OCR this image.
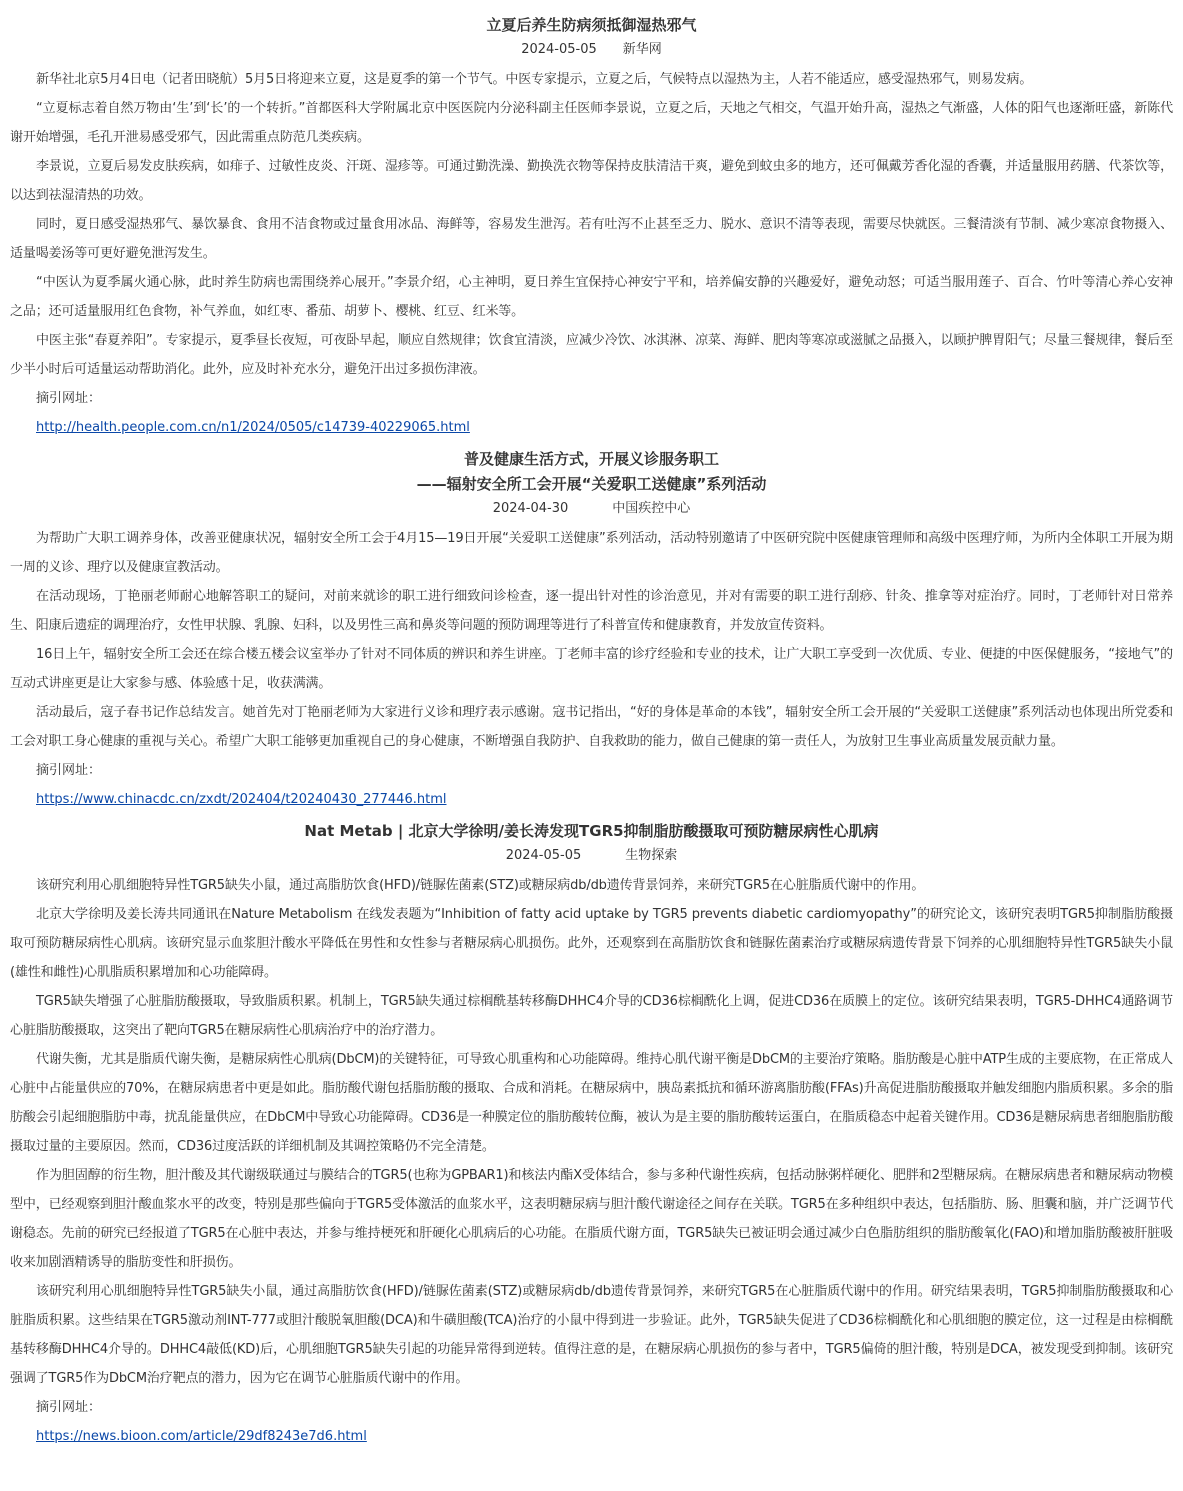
立夏后养生防病须抵御湿热邪气
2024-05-05 新华网

新华社北京5月4日电（记者田晓航）5月5日将迎来立夏，这是夏季的第一个节气。中医专家提示，立夏之后，气候特点以湿热为主，人若不能适应，感受湿热邪气，则易发病。

“立夏标志着自然万物由‘生’到‘长’的一个转折。”首都医科大学附属北京中医医院内分泌科副主任医师李景说，立夏之后，天地之气相交，气温开始升高，湿热之气渐盛，人体的阳气也逐渐旺盛，新陈代谢开始增强，毛孔开泄易感受邪气，因此需重点防范几类疾病。

李景说，立夏后易发皮肤疾病，如痱子、过敏性皮炎、汗斑、湿疹等。可通过勤洗澡、勤换洗衣物等保持皮肤清洁干爽，避免到蚊虫多的地方，还可佩戴芳香化湿的香囊，并适量服用药膳、代茶饮等，以达到祛湿清热的功效。

同时，夏日感受湿热邪气、暴饮暴食、食用不洁食物或过量食用冰品、海鲜等，容易发生泄泻。若有吐泻不止甚至乏力、脱水、意识不清等表现，需要尽快就医。三餐清淡有节制、减少寒凉食物摄入、适量喝姜汤等可更好避免泄泻发生。

“中医认为夏季属火通心脉，此时养生防病也需围绕养心展开。”李景介绍，心主神明，夏日养生宜保持心神安宁平和，培养偏安静的兴趣爱好，避免动怒；可适当服用莲子、百合、竹叶等清心养心安神之品；还可适量服用红色食物，补气养血，如红枣、番茄、胡萝卜、樱桃、红豆、红米等。

中医主张“春夏养阳”。专家提示，夏季昼长夜短，可夜卧早起，顺应自然规律；饮食宜清淡，应减少冷饮、冰淇淋、凉菜、海鲜、肥肉等寒凉或滋腻之品摄入，以顾护脾胃阳气；尽量三餐规律，餐后至少半小时后可适量运动帮助消化。此外，应及时补充水分，避免汗出过多损伤津液。

摘引网址：

http://health.people.com.cn/n1/2024/0505/c14739-40229065.html

普及健康生活方式，开展义诊服务职工
——辐射安全所工会开展“关爱职工送健康”系列活动
2024-04-30	中国疾控中心

为帮助广大职工调养身体，改善亚健康状况，辐射安全所工会于4月15—19日开展“关爱职工送健康”系列活动，活动特别邀请了中医研究院中医健康管理师和高级中医理疗师，为所内全体职工开展为期一周的义诊、理疗以及健康宣教活动。

在活动现场，丁艳丽老师耐心地解答职工的疑问，对前来就诊的职工进行细致问诊检查，逐一提出针对性的诊治意见，并对有需要的职工进行刮痧、针灸、推拿等对症治疗。同时，丁老师针对日常养生、阳康后遗症的调理治疗，女性甲状腺、乳腺、妇科，以及男性三高和鼻炎等问题的预防调理等进行了科普宣传和健康教育，并发放宣传资料。

16日上午，辐射安全所工会还在综合楼五楼会议室举办了针对不同体质的辨识和养生讲座。丁老师丰富的诊疗经验和专业的技术，让广大职工享受到一次优质、专业、便捷的中医保健服务，“接地气”的互动式讲座更是让大家参与感、体验感十足，收获满满。

活动最后，寇子春书记作总结发言。她首先对丁艳丽老师为大家进行义诊和理疗表示感谢。寇书记指出，“好的身体是革命的本钱”，辐射安全所工会开展的“关爱职工送健康”系列活动也体现出所党委和工会对职工身心健康的重视与关心。希望广大职工能够更加重视自己的身心健康，不断增强自我防护、自我救助的能力，做自己健康的第一责任人，为放射卫生事业高质量发展贡献力量。

摘引网址：

https://www.chinacdc.cn/zxdt/202404/t20240430_277446.html

Nat Metab | 北京大学徐明/姜长涛发现TGR5抑制脂肪酸摄取可预防糖尿病性心肌病
2024-05-05	生物探索

该研究利用心肌细胞特异性TGR5缺失小鼠，通过高脂肪饮食(HFD)/链脲佐菌素(STZ)或糖尿病db/db遗传背景饲养，来研究TGR5在心脏脂质代谢中的作用。

北京大学徐明及姜长涛共同通讯在Nature Metabolism 在线发表题为“Inhibition of fatty acid uptake by TGR5 prevents diabetic cardiomyopathy”的研究论文，该研究表明TGR5抑制脂肪酸摄取可预防糖尿病性心肌病。该研究显示血浆胆汁酸水平降低在男性和女性参与者糖尿病心肌损伤。此外，还观察到在高脂肪饮食和链脲佐菌素治疗或糖尿病遗传背景下饲养的心肌细胞特异性TGR5缺失小鼠(雄性和雌性)心肌脂质积累增加和心功能障碍。

TGR5缺失增强了心脏脂肪酸摄取，导致脂质积累。机制上，TGR5缺失通过棕榈酰基转移酶DHHC4介导的CD36棕榈酰化上调，促进CD36在质膜上的定位。该研究结果表明，TGR5-DHHC4通路调节心脏脂肪酸摄取，这突出了靶向TGR5在糖尿病性心肌病治疗中的治疗潜力。

代谢失衡，尤其是脂质代谢失衡，是糖尿病性心肌病(DbCM)的关键特征，可导致心肌重构和心功能障碍。维持心肌代谢平衡是DbCM的主要治疗策略。脂肪酸是心脏中ATP生成的主要底物，在正常成人心脏中占能量供应的70%，在糖尿病患者中更是如此。脂肪酸代谢包括脂肪酸的摄取、合成和消耗。在糖尿病中，胰岛素抵抗和循环游离脂肪酸(FFAs)升高促进脂肪酸摄取并触发细胞内脂质积累。多余的脂肪酸会引起细胞脂肪中毒，扰乱能量供应，在DbCM中导致心功能障碍。CD36是一种膜定位的脂肪酸转位酶，被认为是主要的脂肪酸转运蛋白，在脂质稳态中起着关键作用。CD36是糖尿病患者细胞脂肪酸摄取过量的主要原因。然而，CD36过度活跃的详细机制及其调控策略仍不完全清楚。

作为胆固醇的衍生物，胆汁酸及其代谢级联通过与膜结合的TGR5(也称为GPBAR1)和核法内酯X受体结合，参与多种代谢性疾病，包括动脉粥样硬化、肥胖和2型糖尿病。在糖尿病患者和糖尿病动物模型中，已经观察到胆汁酸血浆水平的改变，特别是那些偏向于TGR5受体激活的血浆水平，这表明糖尿病与胆汁酸代谢途径之间存在关联。TGR5在多种组织中表达，包括脂肪、肠、胆囊和脑，并广泛调节代谢稳态。先前的研究已经报道了TGR5在心脏中表达，并参与维持梗死和肝硬化心肌病后的心功能。在脂质代谢方面，TGR5缺失已被证明会通过减少白色脂肪组织的脂肪酸氧化(FAO)和增加脂肪酸被肝脏吸收来加剧酒精诱导的脂肪变性和肝损伤。

该研究利用心肌细胞特异性TGR5缺失小鼠，通过高脂肪饮食(HFD)/链脲佐菌素(STZ)或糖尿病db/db遗传背景饲养，来研究TGR5在心脏脂质代谢中的作用。研究结果表明，TGR5抑制脂肪酸摄取和心脏脂质积累。这些结果在TGR5激动剂INT-777或胆汁酸脱氧胆酸(DCA)和牛磺胆酸(TCA)治疗的小鼠中得到进一步验证。此外，TGR5缺失促进了CD36棕榈酰化和心肌细胞的膜定位，这一过程是由棕榈酰基转移酶DHHC4介导的。DHHC4敲低(KD)后，心肌细胞TGR5缺失引起的功能异常得到逆转。值得注意的是，在糖尿病心肌损伤的参与者中，TGR5偏倚的胆汁酸，特别是DCA，被发现受到抑制。该研究强调了TGR5作为DbCM治疗靶点的潜力，因为它在调节心脏脂质代谢中的作用。

摘引网址：

https://news.bioon.com/article/29df8243e7d6.html
